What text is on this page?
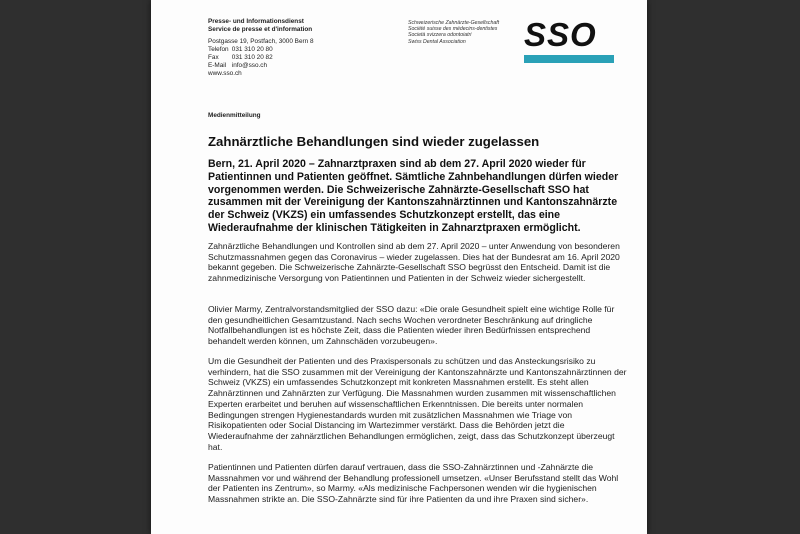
Presse- und Informationsdienst
Service de presse et d'information
Postgasse 19, Postfach, 3000 Bern 8
Telefon 031 310 20 80
Fax 031 310 20 82
E-Mail info@sso.ch
www.sso.ch
Schweizerische Zahnärzte-Gesellschaft
Société suisse des médecins-dentistes
Società svizzera odontoiatri
Swiss Dental Association	SSO
Medienmitteilung
Zahnärztliche Behandlungen sind wieder zugelassen
Bern, 21. April 2020 – Zahnarztpraxen sind ab dem 27. April 2020 wieder für Patientinnen und Patienten geöffnet. Sämtliche Zahnbehandlungen dürfen wieder vorgenommen werden. Die Schweizerische Zahnärzte-Gesellschaft SSO hat zusammen mit der Vereinigung der Kantonszahnärztinnen und Kantonszahnärzte der Schweiz (VKZS) ein umfassendes Schutzkonzept erstellt, das eine Wiederaufnahme der klinischen Tätigkeiten in Zahnarztpraxen ermöglicht.
Zahnärztliche Behandlungen und Kontrollen sind ab dem 27. April 2020 – unter Anwendung von besonderen Schutzmassnahmen gegen das Coronavirus – wieder zugelassen. Dies hat der Bundesrat am 16. April 2020 bekannt gegeben. Die Schweizerische Zahnärzte-Gesellschaft SSO begrüsst den Entscheid. Damit ist die zahnmedizinische Versorgung von Patientinnen und Patienten in der Schweiz wieder sichergestellt.
Olivier Marmy, Zentralvorstandsmitglied der SSO dazu: «Die orale Gesundheit spielt eine wichtige Rolle für den gesundheitlichen Gesamtzustand. Nach sechs Wochen verordneter Beschränkung auf dringliche Notfallbehandlungen ist es höchste Zeit, dass die Patienten wieder ihren Bedürfnissen entsprechend behandelt werden können, um Zahnschäden vorzubeugen».
Um die Gesundheit der Patienten und des Praxispersonals zu schützen und das Ansteckungsrisiko zu verhindern, hat die SSO zusammen mit der Vereinigung der Kantonszahnärzte und Kantonszahnärztinnen der Schweiz (VKZS) ein umfassendes Schutzkonzept mit konkreten Massnahmen erstellt. Es steht allen Zahnärztinnen und Zahnärzten zur Verfügung. Die Massnahmen wurden zusammen mit wissenschaftlichen Experten erarbeitet und beruhen auf wissenschaftlichen Erkenntnissen. Die bereits unter normalen Bedingungen strengen Hygienestandards wurden mit zusätzlichen Massnahmen wie Triage von Risikopatienten oder Social Distancing im Wartezimmer verstärkt. Dass die Behörden jetzt die Wiederaufnahme der zahnärztlichen Behandlungen ermöglichen, zeigt, dass das Schutzkonzept überzeugt hat.
Patientinnen und Patienten dürfen darauf vertrauen, dass die SSO-Zahnärztinnen und -Zahnärzte die Massnahmen vor und während der Behandlung professionell umsetzen. «Unser Berufsstand stellt das Wohl der Patienten ins Zentrum», so Marmy. «Als medizinische Fachpersonen wenden wir die hygienischen Massnahmen strikte an. Die SSO-Zahnärzte sind für ihre Patienten da und ihre Praxen sind sicher».
